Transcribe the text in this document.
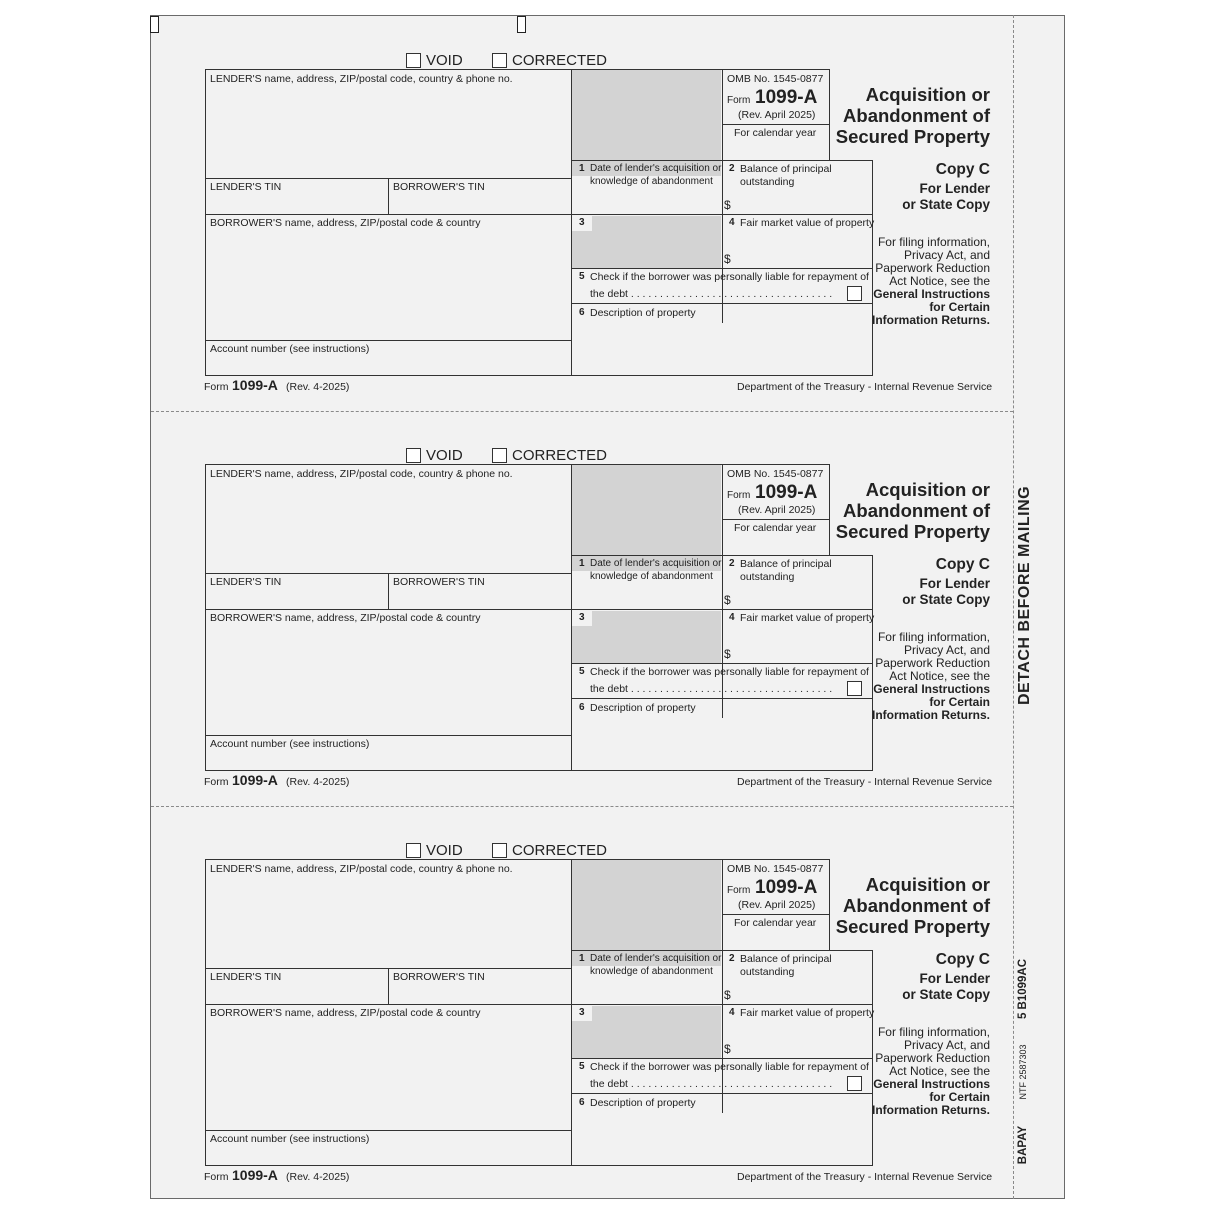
DETACH BEFORE MAILING
5 B1099AC
NTF 2587303
BAPAY
VOID	CORRECTED
LENDER'S name, address, ZIP/postal code, country & phone no.
LENDER'S TIN	BORROWER'S TIN
BORROWER'S name, address, ZIP/postal code & country
Account number (see instructions)
OMB No. 1545-0877
Form 1099-A
(Rev. April 2025)
For calendar year
1 Date of lender's acquisition or knowledge of abandonment
2 Balance of principal outstanding
$
3	4 Fair market value of property
$
5 Check if the borrower was personally liable for repayment of
the debt . . . . . . . . . . . . . . . . . . . . . . . . . . . . . . . . . . .
6 Description of property
Acquisition or
Abandonment of
Secured Property
Copy C
For Lender
or State Copy
For filing information,
Privacy Act, and
Paperwork Reduction
Act Notice, see the
General Instructions
for Certain
Information Returns.
Form 1099-A (Rev. 4-2025)	Department of the Treasury - Internal Revenue Service
VOID	CORRECTED
LENDER'S name, address, ZIP/postal code, country & phone no.
LENDER'S TIN	BORROWER'S TIN
BORROWER'S name, address, ZIP/postal code & country
Account number (see instructions)
OMB No. 1545-0877
Form 1099-A
(Rev. April 2025)
For calendar year
1 Date of lender's acquisition or knowledge of abandonment
2 Balance of principal outstanding
$
3	4 Fair market value of property
$
5 Check if the borrower was personally liable for repayment of
the debt . . . . . . . . . . . . . . . . . . . . . . . . . . . . . . . . . . .
6 Description of property
Acquisition or
Abandonment of
Secured Property
Copy C
For Lender
or State Copy
For filing information,
Privacy Act, and
Paperwork Reduction
Act Notice, see the
General Instructions
for Certain
Information Returns.
Form 1099-A (Rev. 4-2025)	Department of the Treasury - Internal Revenue Service
VOID	CORRECTED
LENDER'S name, address, ZIP/postal code, country & phone no.
LENDER'S TIN	BORROWER'S TIN
BORROWER'S name, address, ZIP/postal code & country
Account number (see instructions)
OMB No. 1545-0877
Form 1099-A
(Rev. April 2025)
For calendar year
1 Date of lender's acquisition or knowledge of abandonment
2 Balance of principal outstanding
$
3	4 Fair market value of property
$
5 Check if the borrower was personally liable for repayment of
the debt . . . . . . . . . . . . . . . . . . . . . . . . . . . . . . . . . . .
6 Description of property
Acquisition or
Abandonment of
Secured Property
Copy C
For Lender
or State Copy
For filing information,
Privacy Act, and
Paperwork Reduction
Act Notice, see the
General Instructions
for Certain
Information Returns.
Form 1099-A (Rev. 4-2025)	Department of the Treasury - Internal Revenue Service
